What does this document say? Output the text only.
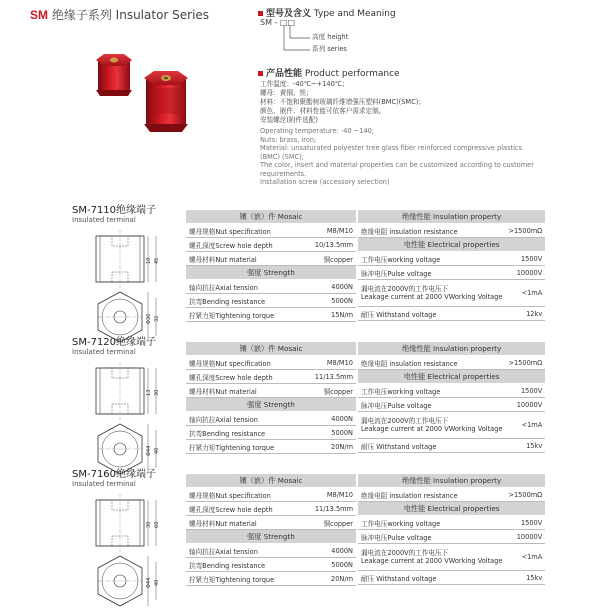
SM 绝缘子系列 Insulator Series	型号及含义 Type and Meaning
SM - □□
高度 height
系列 series
产品性能 Product performance
工作温度：-40℃~+140℃；
螺母：黄铜、铁；
材料：不饱和聚酯树玻璃纤维增强压塑料(BMC)(SMC)；
颜色、嵌件、材料性能可依客户需求定制。
安装螺丝(附件选配)
Operating temperature: -40 ~140;
Nuts: brass, iron;
Material: unsaturated polyester tree glass fiber reinforced compressive plastics
(BMC) (SMC);
The color, insert and material properties can be customized according to customer
requirements.
Installation screw (accessory selection)
SM-7110绝缘端子
Insulated terminal
10 45
Φ36 32
镶（嵌）件 Mosaic	
螺母规格Nut specification	M8/M10
螺孔深度Screw hole depth	10/13.5mm
螺母材料Nut material	铜copper
强度 Strength	
轴向抗拉Axial tension	4000N
抗弯Bending resistance	5000N
拧紧力矩Tightening torque	15N/m
绝缘性能 Insulation property	
绝缘电阻 insulation resistance	>1500mΩ
电性能 Electrical properties	
工作电压working voltage	1500V
脉冲电压Pulse voltage	10000V
漏电流在2000V的工作电压下
Leakage current at 2000 VWorking Voltage	<1mA
耐压 Withstand voltage	12kv
SM-7120绝缘端子
Insulated terminal
13 30
Φ44 40
镶（嵌）件 Mosaic	
螺母规格Nut specification	M8/M10
螺孔深度Screw hole depth	11/13.5mm
螺母材料Nut material	铜copper
强度 Strength	
轴向抗拉Axial tension	4000N
抗弯Bending resistance	5000N
拧紧力矩Tightening torque	20N/m
绝缘性能 Insulation property	
绝缘电阻 insulation resistance	>1500mΩ
电性能 Electrical properties	
工作电压working voltage	1500V
脉冲电压Pulse voltage	10000V
漏电流在2000V的工作电压下
Leakage current at 2000 VWorking Voltage	<1mA
耐压 Withstand voltage	15kv
SM-7160绝缘端子
Insulated terminal
30 60
Φ44 40
镶（嵌）件 Mosaic	
螺母规格Nut specification	M8/M10
螺孔深度Screw hole depth	11/13.5mm
螺母材料Nut material	铜copper
强度 Strength	
轴向抗拉Axial tension	4000N
抗弯Bending resistance	5000N
拧紧力矩Tightening torque	20N/m
绝缘性能 Insulation property	
绝缘电阻 insulation resistance	>1500mΩ
电性能 Electrical properties	
工作电压working voltage	1500V
脉冲电压Pulse voltage	10000V
漏电流在2000V的工作电压下
Leakage current at 2000 VWorking Voltage	<1mA
耐压 Withstand voltage	15kv
